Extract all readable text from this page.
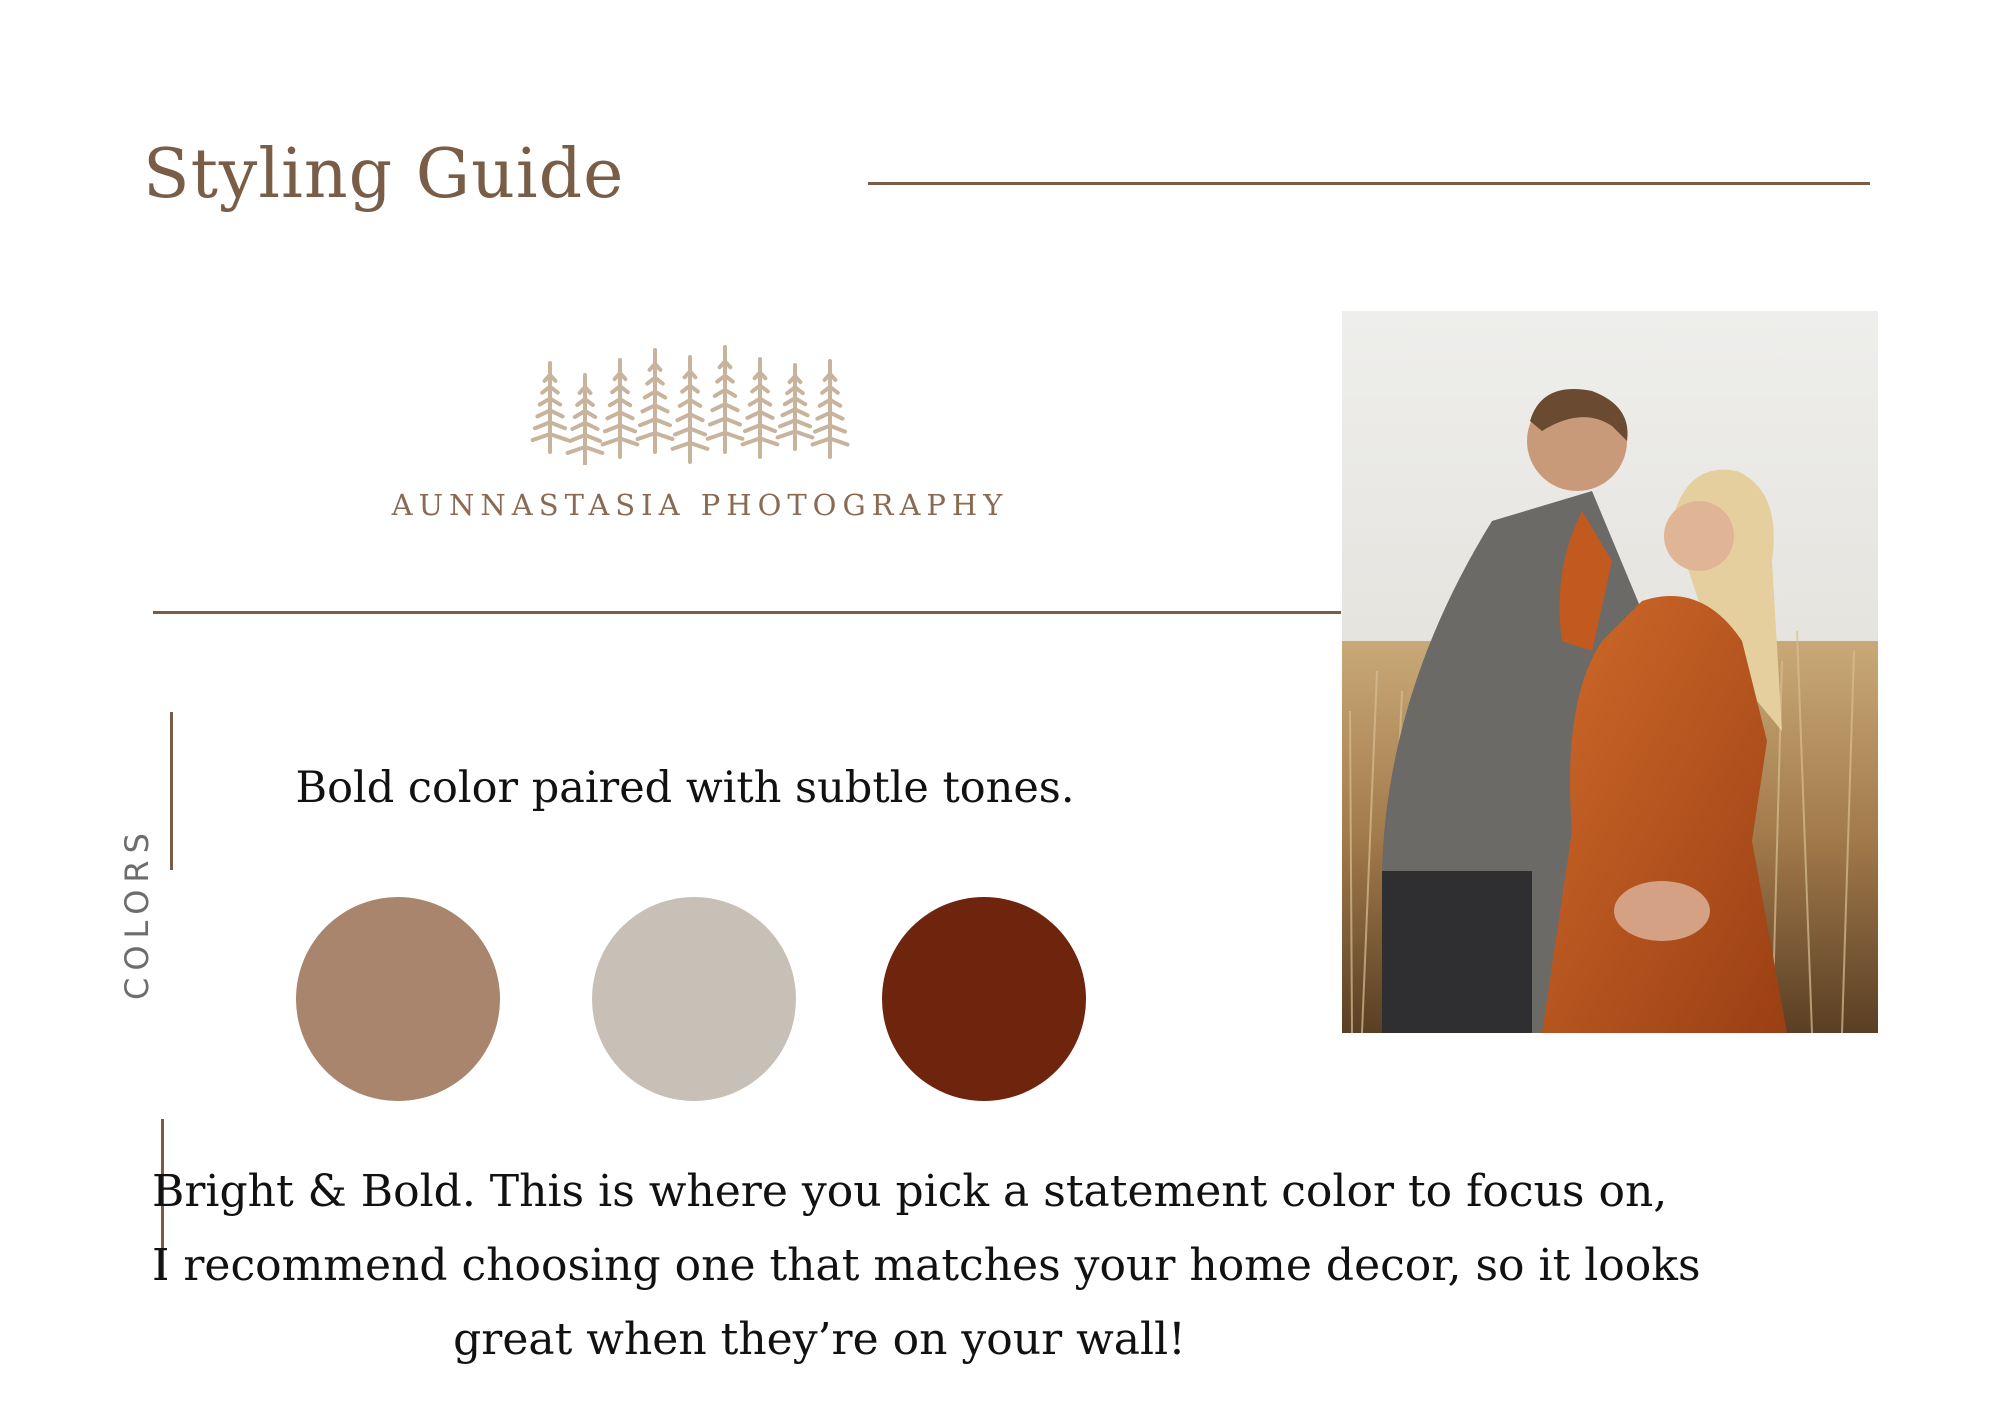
Styling Guide
AUNNASTASIA PHOTOGRAPHY
COLORS
Bold color paired with subtle tones.
Bright & Bold. This is where you pick a statement color to focus on,
I recommend choosing one that matches your home decor, so it looks
great when they’re on your wall!
